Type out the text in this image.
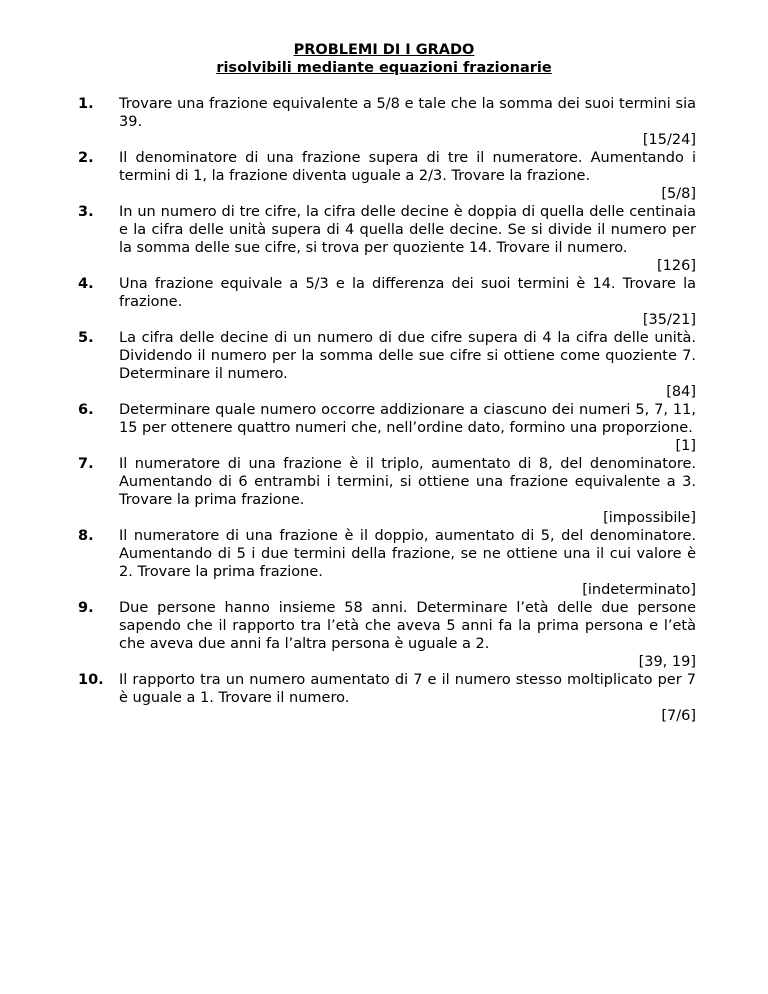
PROBLEMI DI I GRADO
risolvibili mediante equazioni frazionarie
1. Trovare una frazione equivalente a 5/8 e tale che la somma dei suoi termini sia 39.
[15/24]
2. Il denominatore di una frazione supera di tre il numeratore. Aumentando i termini di 1, la frazione diventa uguale a 2/3. Trovare la frazione.
[5/8]
3. In un numero di tre cifre, la cifra delle decine è doppia di quella delle centinaia e la cifra delle unità supera di 4 quella delle decine. Se si divide il numero per la somma delle sue cifre, si trova per quoziente 14. Trovare il numero.
[126]
4. Una frazione equivale a 5/3 e la differenza dei suoi termini è 14. Trovare la frazione.
[35/21]
5. La cifra delle decine di un numero di due cifre supera di 4 la cifra delle unità. Dividendo il numero per la somma delle sue cifre si ottiene come quoziente 7. Determinare il numero.
[84]
6. Determinare quale numero occorre addizionare a ciascuno dei numeri 5, 7, 11, 15 per ottenere quattro numeri che, nell’ordine dato, formino una proporzione.
[1]
7. Il numeratore di una frazione è il triplo, aumentato di 8, del denominatore. Aumentando di 6 entrambi i termini, si ottiene una frazione equivalente a 3. Trovare la prima frazione.
[impossibile]
8. Il numeratore di una frazione è il doppio, aumentato di 5, del denominatore. Aumentando di 5 i due termini della frazione, se ne ottiene una il cui valore è 2. Trovare la prima frazione.
[indeterminato]
9. Due persone hanno insieme 58 anni. Determinare l’età delle due persone sapendo che il rapporto tra l’età che aveva 5 anni fa la prima persona e l’età che aveva due anni fa l’altra persona è uguale a 2.
[39, 19]
10. Il rapporto tra un numero aumentato di 7 e il numero stesso moltiplicato per 7 è uguale a 1. Trovare il numero.
[7/6]
